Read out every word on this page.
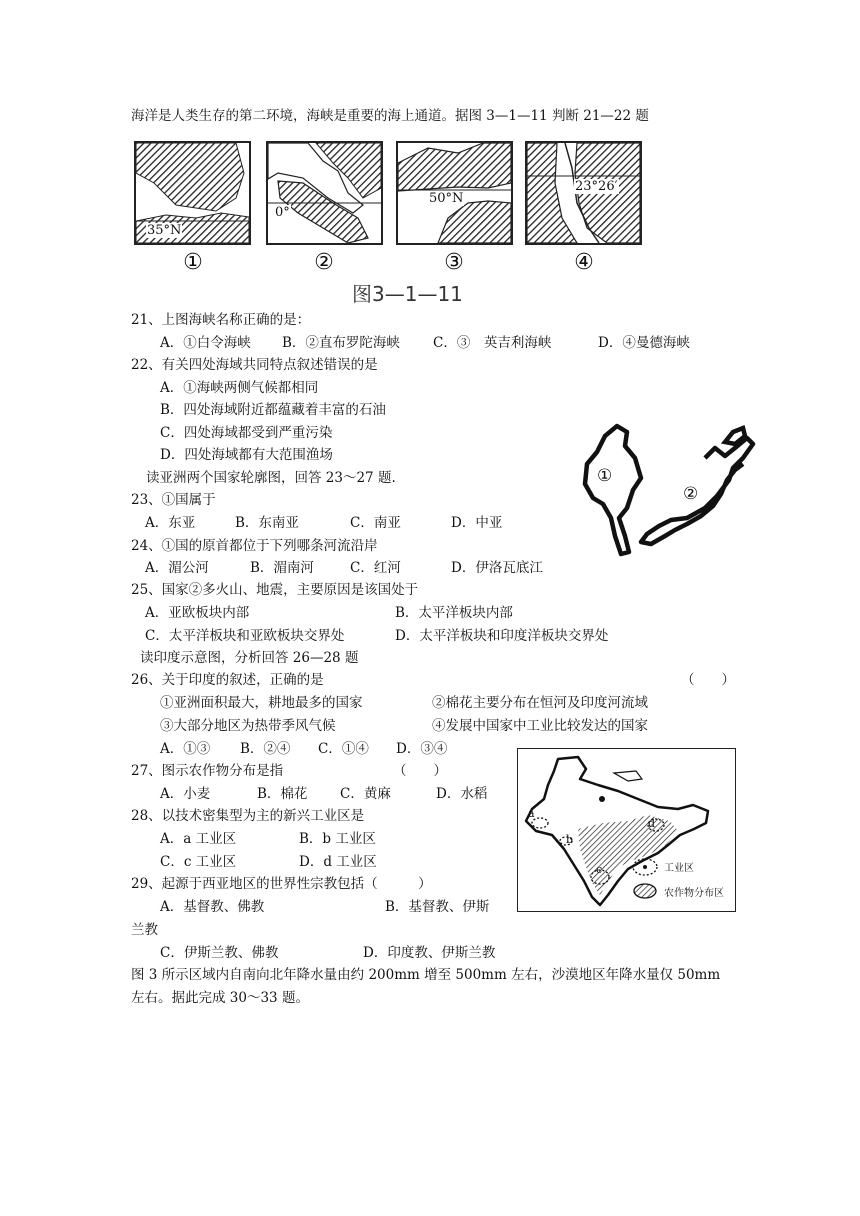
海洋是人类生存的第二环境，海峡是重要的海上通道。据图 3—1—11 判断 21—22 题
35°N
0°
50°N
23°26′
①	②	③	④
图3—1—11
21、上图海峡名称正确的是：
A．①白令海峡 B．②直布罗陀海峡 C．③　英吉利海峡	D．④曼德海峡
22、有关四处海域共同特点叙述错误的是
A．①海峡两侧气候都相同
B．四处海域附近都蕴藏着丰富的石油
C．四处海域都受到严重污染
D．四处海域都有大范围渔场
①
②
读亚洲两个国家轮廓图，回答 23～27 题.
23、①国属于
A．东亚	B．东南亚	C．南亚	D．中亚
24、①国的原首都位于下列哪条河流沿岸
A．湄公河	B．湄南河	C．红河	D．伊洛瓦底江
25、国家②多火山、地震，主要原因是该国处于
A．亚欧板块内部	B．太平洋板块内部
C．太平洋板块和亚欧板块交界处	D．太平洋板块和印度洋板块交界处
读印度示意图，分析回答 26—28 题
26、关于印度的叙述，正确的是	（　　）
①亚洲面积最大，耕地最多的国家	②棉花主要分布在恒河及印度河流域
③大部分地区为热带季风气候	④发展中国家中工业比较发达的国家
A．①③ B．②④ C．①④ D．③④
a
b
c
d
工业区
农作物分布区
27、图示农作物分布是指	（　　）
A．小麦	B．棉花 C．黄麻	D．水稻
28、以技术密集型为主的新兴工业区是
A．a 工业区	B．b 工业区
C．c 工业区	D．d 工业区
29、起源于西亚地区的世界性宗教包括（　　　）
A．基督教、佛教	B．基督教、伊斯
兰教
C．伊斯兰教、佛教	D．印度教、伊斯兰教
图 3 所示区域内自南向北年降水量由约 200mm 增至 500mm 左右，沙漠地区年降水量仅 50mm
左右。据此完成 30～33 题。
